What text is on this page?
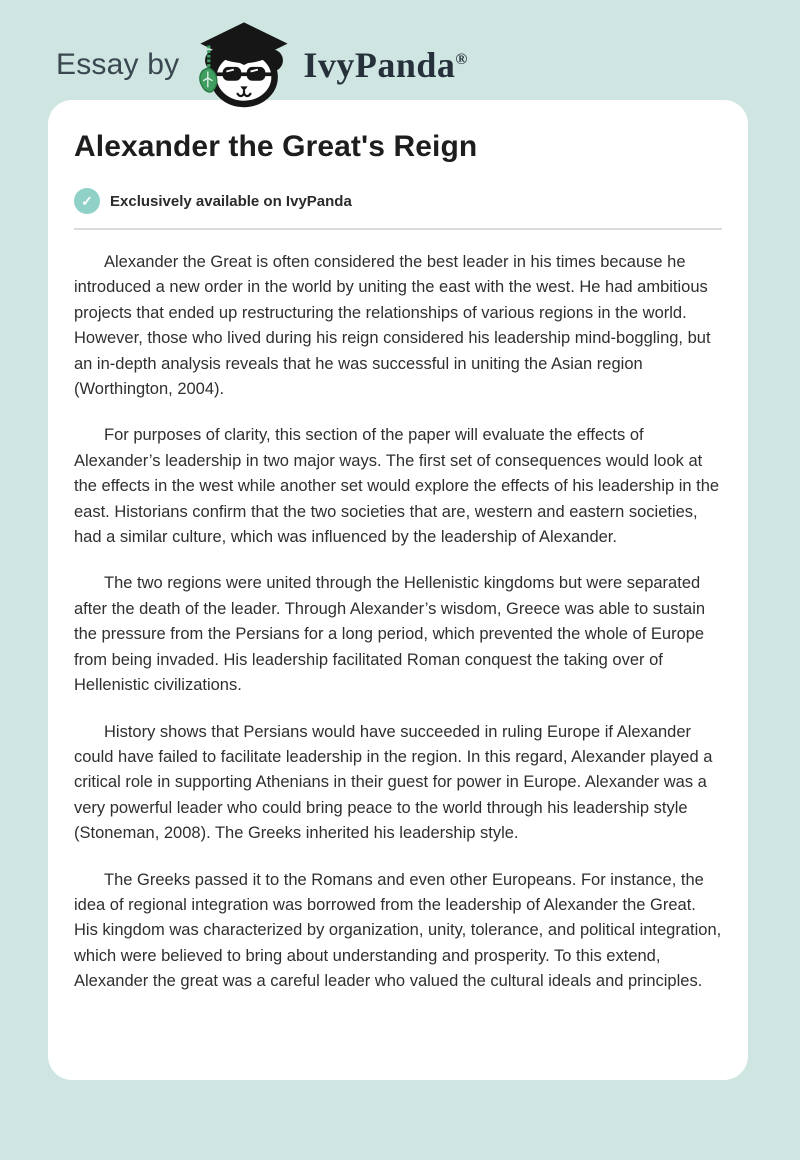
Essay by	IvyPanda®
Alexander the Great's Reign
✓	Exclusively available on IvyPanda

Alexander the Great is often considered the best leader in his times because he introduced a new order in the world by uniting the east with the west. He had ambitious projects that ended up restructuring the relationships of various regions in the world. However, those who lived during his reign considered his leadership mind-boggling, but an in-depth analysis reveals that he was successful in uniting the Asian region (Worthington, 2004).

For purposes of clarity, this section of the paper will evaluate the effects of Alexander’s leadership in two major ways. The first set of consequences would look at the effects in the west while another set would explore the effects of his leadership in the east. Historians confirm that the two societies that are, western and eastern societies, had a similar culture, which was influenced by the leadership of Alexander.

The two regions were united through the Hellenistic kingdoms but were separated after the death of the leader. Through Alexander’s wisdom, Greece was able to sustain the pressure from the Persians for a long period, which prevented the whole of Europe from being invaded. His leadership facilitated Roman conquest the taking over of Hellenistic civilizations.

History shows that Persians would have succeeded in ruling Europe if Alexander could have failed to facilitate leadership in the region. In this regard, Alexander played a critical role in supporting Athenians in their guest for power in Europe. Alexander was a very powerful leader who could bring peace to the world through his leadership style (Stoneman, 2008). The Greeks inherited his leadership style.

The Greeks passed it to the Romans and even other Europeans. For instance, the idea of regional integration was borrowed from the leadership of Alexander the Great. His kingdom was characterized by organization, unity, tolerance, and political integration, which were believed to bring about understanding and prosperity. To this extend, Alexander the great was a careful leader who valued the cultural ideals and principles.
